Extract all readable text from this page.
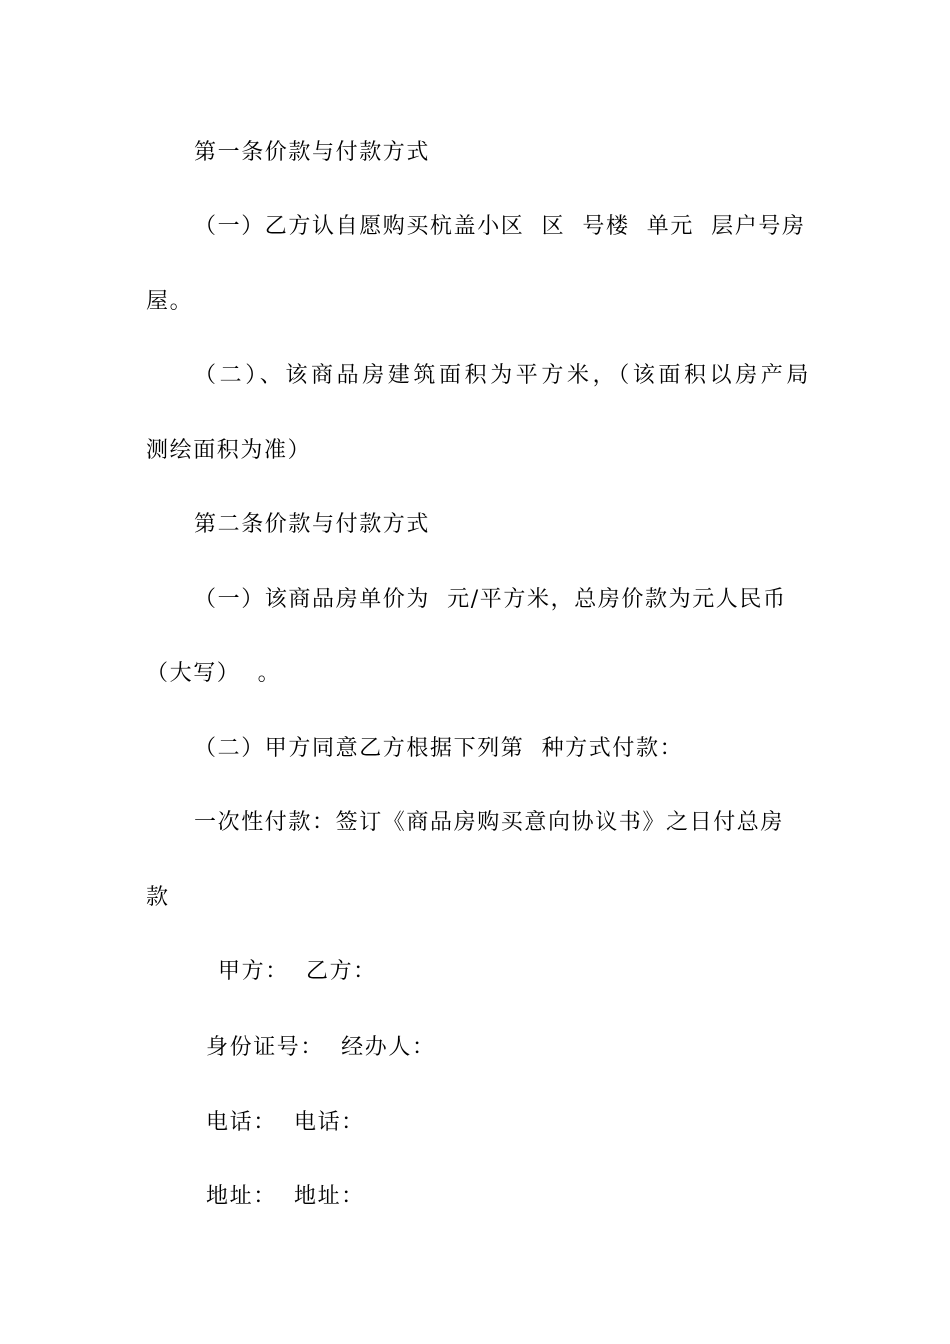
第一条价款与付款方式
（一）乙方认自愿购买杭盖小区  区  号楼  单元  层户号房
屋。
（二）、该商品房建筑面积为平方米，（该面积以房产局
测绘面积为准）
第二条价款与付款方式
（一）该商品房单价为  元/平方米，总房价款为元人民币
（大写）  。
（二）甲方同意乙方根据下列第  种方式付款：
一次性付款：签订《商品房购买意向协议书》之日付总房
款
甲方：  乙方：
身份证号：  经办人：
电话：  电话：
地址：  地址：
